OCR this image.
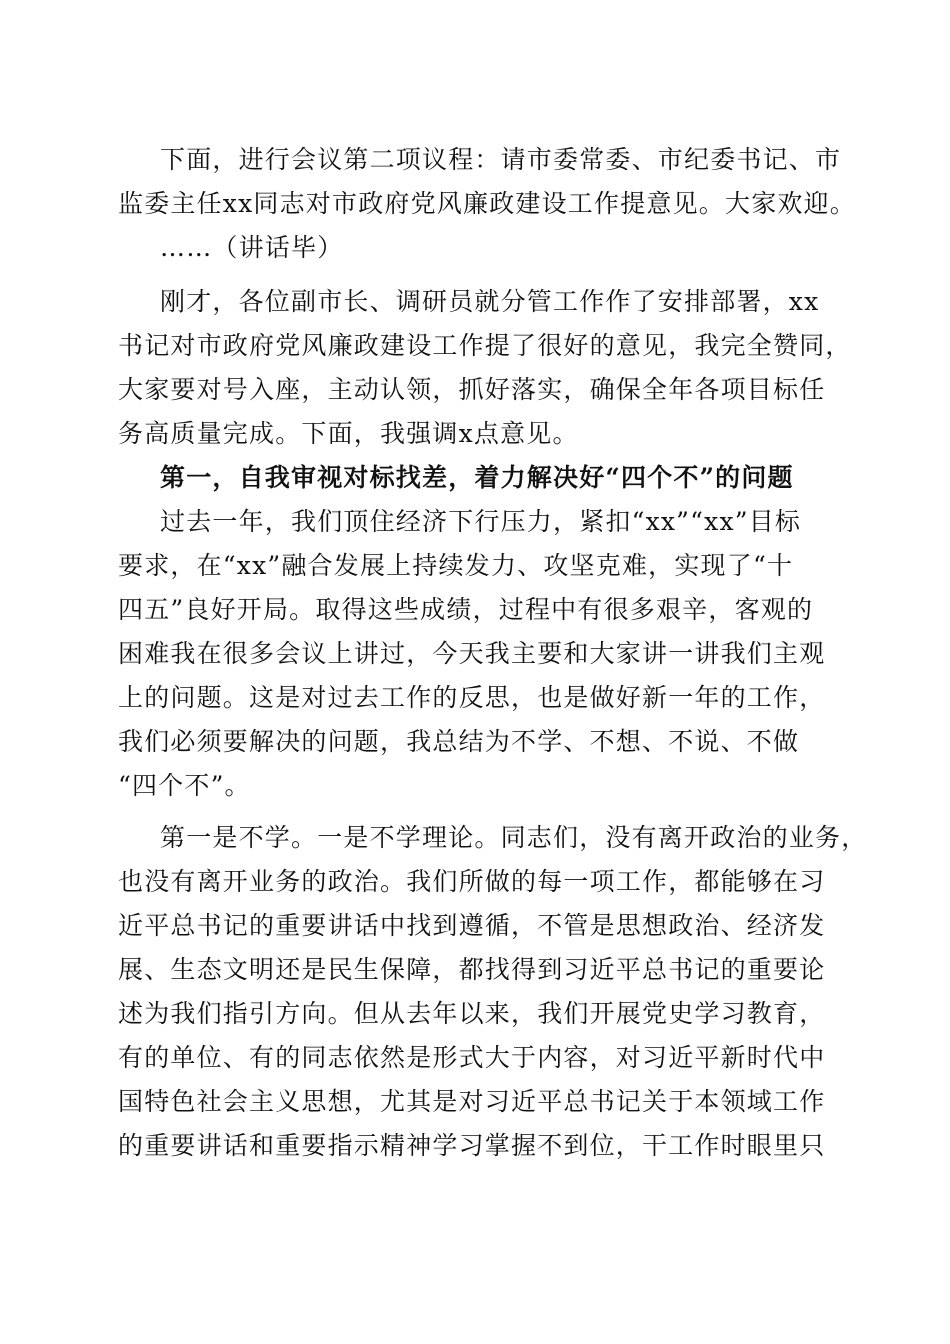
下面，进行会议第二项议程：请市委常委、市纪委书记、市
监委主任xx同志对市政府党风廉政建设工作提意见。大家欢迎。
……（讲话毕）
刚才，各位副市长、调研员就分管工作作了安排部署，xx
书记对市政府党风廉政建设工作提了很好的意见，我完全赞同，
大家要对号入座，主动认领，抓好落实，确保全年各项目标任
务高质量完成。下面，我强调x点意见。
第一，自我审视对标找差，着力解决好“四个不”的问题
过去一年，我们顶住经济下行压力，紧扣“xx”“xx”目标
要求，在“xx”融合发展上持续发力、攻坚克难，实现了“十
四五”良好开局。取得这些成绩，过程中有很多艰辛，客观的
困难我在很多会议上讲过，今天我主要和大家讲一讲我们主观
上的问题。这是对过去工作的反思，也是做好新一年的工作，
我们必须要解决的问题，我总结为不学、不想、不说、不做
“四个不”。
第一是不学。一是不学理论。同志们，没有离开政治的业务，
也没有离开业务的政治。我们所做的每一项工作，都能够在习
近平总书记的重要讲话中找到遵循，不管是思想政治、经济发
展、生态文明还是民生保障，都找得到习近平总书记的重要论
述为我们指引方向。但从去年以来，我们开展党史学习教育，
有的单位、有的同志依然是形式大于内容，对习近平新时代中
国特色社会主义思想，尤其是对习近平总书记关于本领域工作
的重要讲话和重要指示精神学习掌握不到位，干工作时眼里只
